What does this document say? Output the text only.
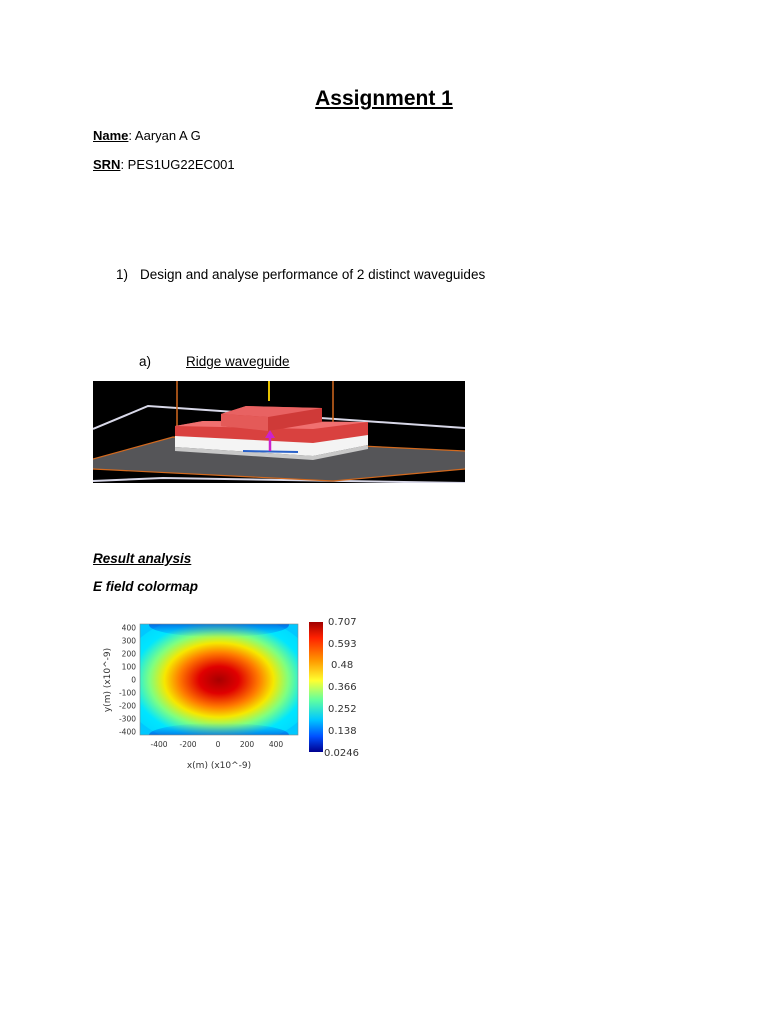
Assignment 1
Name: Aaryan A G
SRN: PES1UG22EC001
1) Design and analyse performance of 2 distinct waveguides
a)	Ridge waveguide
Result analysis
E field colormap
400
300
200
100
0
-100
-200
-300
-400
-400 -200	0	200 400
x(m) (x10^-9)
y(m) (x10^-9)
0.707
0.593
0.48
0.366
0.252
0.138
0.0246
